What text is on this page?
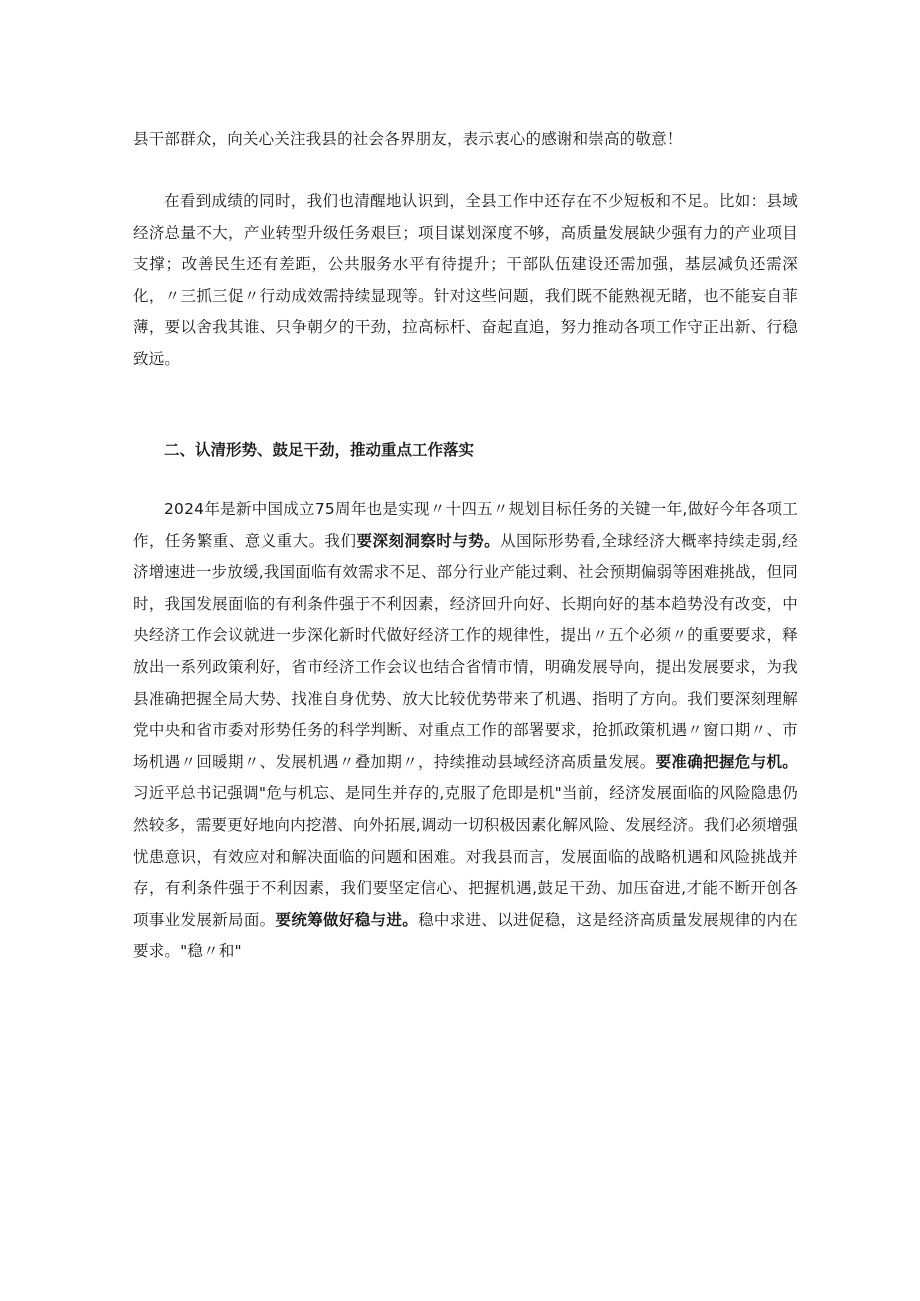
县干部群众，向关心关注我县的社会各界朋友，表示衷心的感谢和崇高的敬意！

在看到成绩的同时，我们也清醒地认识到，全县工作中还存在不少短板和不足。比如：县域经济总量不大，产业转型升级任务艰巨；项目谋划深度不够，高质量发展缺少强有力的产业项目支撑；改善民生还有差距，公共服务水平有待提升；干部队伍建设还需加强，基层减负还需深化，〃三抓三促〃行动成效需持续显现等。针对这些问题，我们既不能熟视无睹，也不能妄自菲薄，要以舍我其谁、只争朝夕的干劲，拉高标杆、奋起直追，努力推动各项工作守正出新、行稳致远。

二、认清形势、鼓足干劲，推动重点工作落实

2024年是新中国成立75周年也是实现〃十四五〃规划目标任务的关键一年,做好今年各项工作，任务繁重、意义重大。我们要深刻洞察时与势。从国际形势看,全球经济大概率持续走弱,经济增速进一步放缓,我国面临有效需求不足、部分行业产能过剩、社会预期偏弱等困难挑战，但同时，我国发展面临的有利条件强于不利因素，经济回升向好、长期向好的基本趋势没有改变，中央经济工作会议就进一步深化新时代做好经济工作的规律性，提出〃五个必须〃的重要要求，释放出一系列政策利好，省市经济工作会议也结合省情市情，明确发展导向，提出发展要求，为我县准确把握全局大势、找准自身优势、放大比较优势带来了机遇、指明了方向。我们要深刻理解党中央和省市委对形势任务的科学判断、对重点工作的部署要求，抢抓政策机遇〃窗口期〃、市场机遇〃回暖期〃、发展机遇〃叠加期〃，持续推动县域经济高质量发展。要准确把握危与机。习近平总书记强调"危与机忘、是同生并存的,克服了危即是机"当前，经济发展面临的风险隐患仍然较多，需要更好地向内挖潜、向外拓展,调动一切积极因素化解风险、发展经济。我们必须增强忧患意识，有效应对和解决面临的问题和困难。对我县而言，发展面临的战略机遇和风险挑战并存，有利条件强于不利因素，我们要坚定信心、把握机遇,鼓足干劲、加压奋进,才能不断开创各项事业发展新局面。要统筹做好稳与进。稳中求进、以进促稳，这是经济高质量发展规律的内在要求。"稳〃和"
